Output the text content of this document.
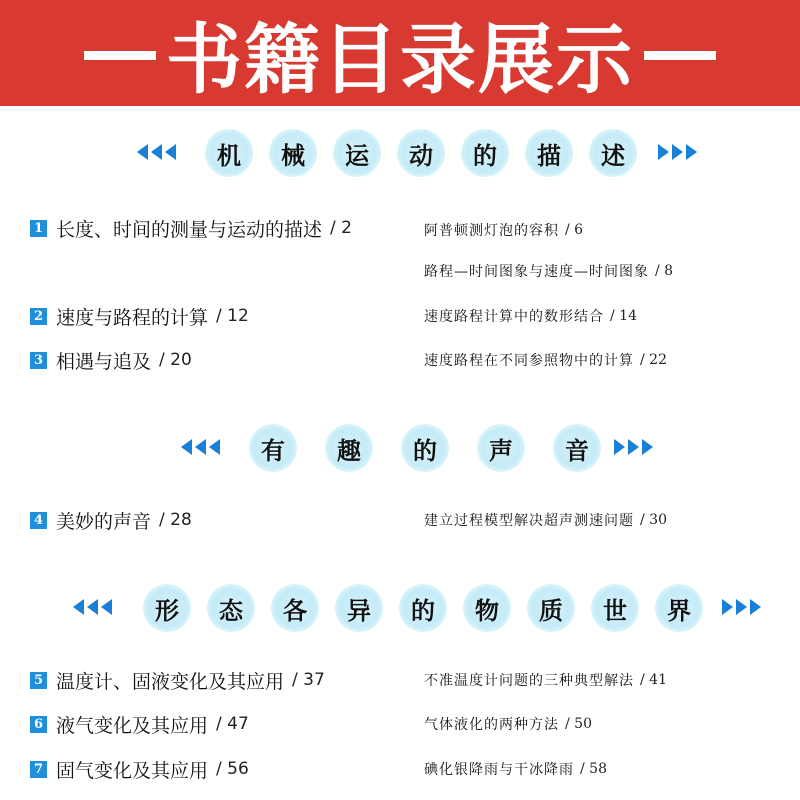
书籍目录展示
机	械	运	动	的	描	述
1 长度、时间的测量与运动的描述 / 2	阿普顿测灯泡的容积 / 6
路程—时间图象与速度—时间图象 / 8
2 速度与路程的计算 / 12	速度路程计算中的数形结合 / 14
3 相遇与追及 / 20	速度路程在不同参照物中的计算 / 22
有	趣	的	声	音
4 美妙的声音 / 28	建立过程模型解决超声测速问题 / 30
形	态	各	异	的	物	质	世	界
5 温度计、固液变化及其应用 / 37	不准温度计问题的三种典型解法 / 41
6 液气变化及其应用 / 47	气体液化的两种方法 / 50
7 固气变化及其应用 / 56	碘化银降雨与干冰降雨 / 58
